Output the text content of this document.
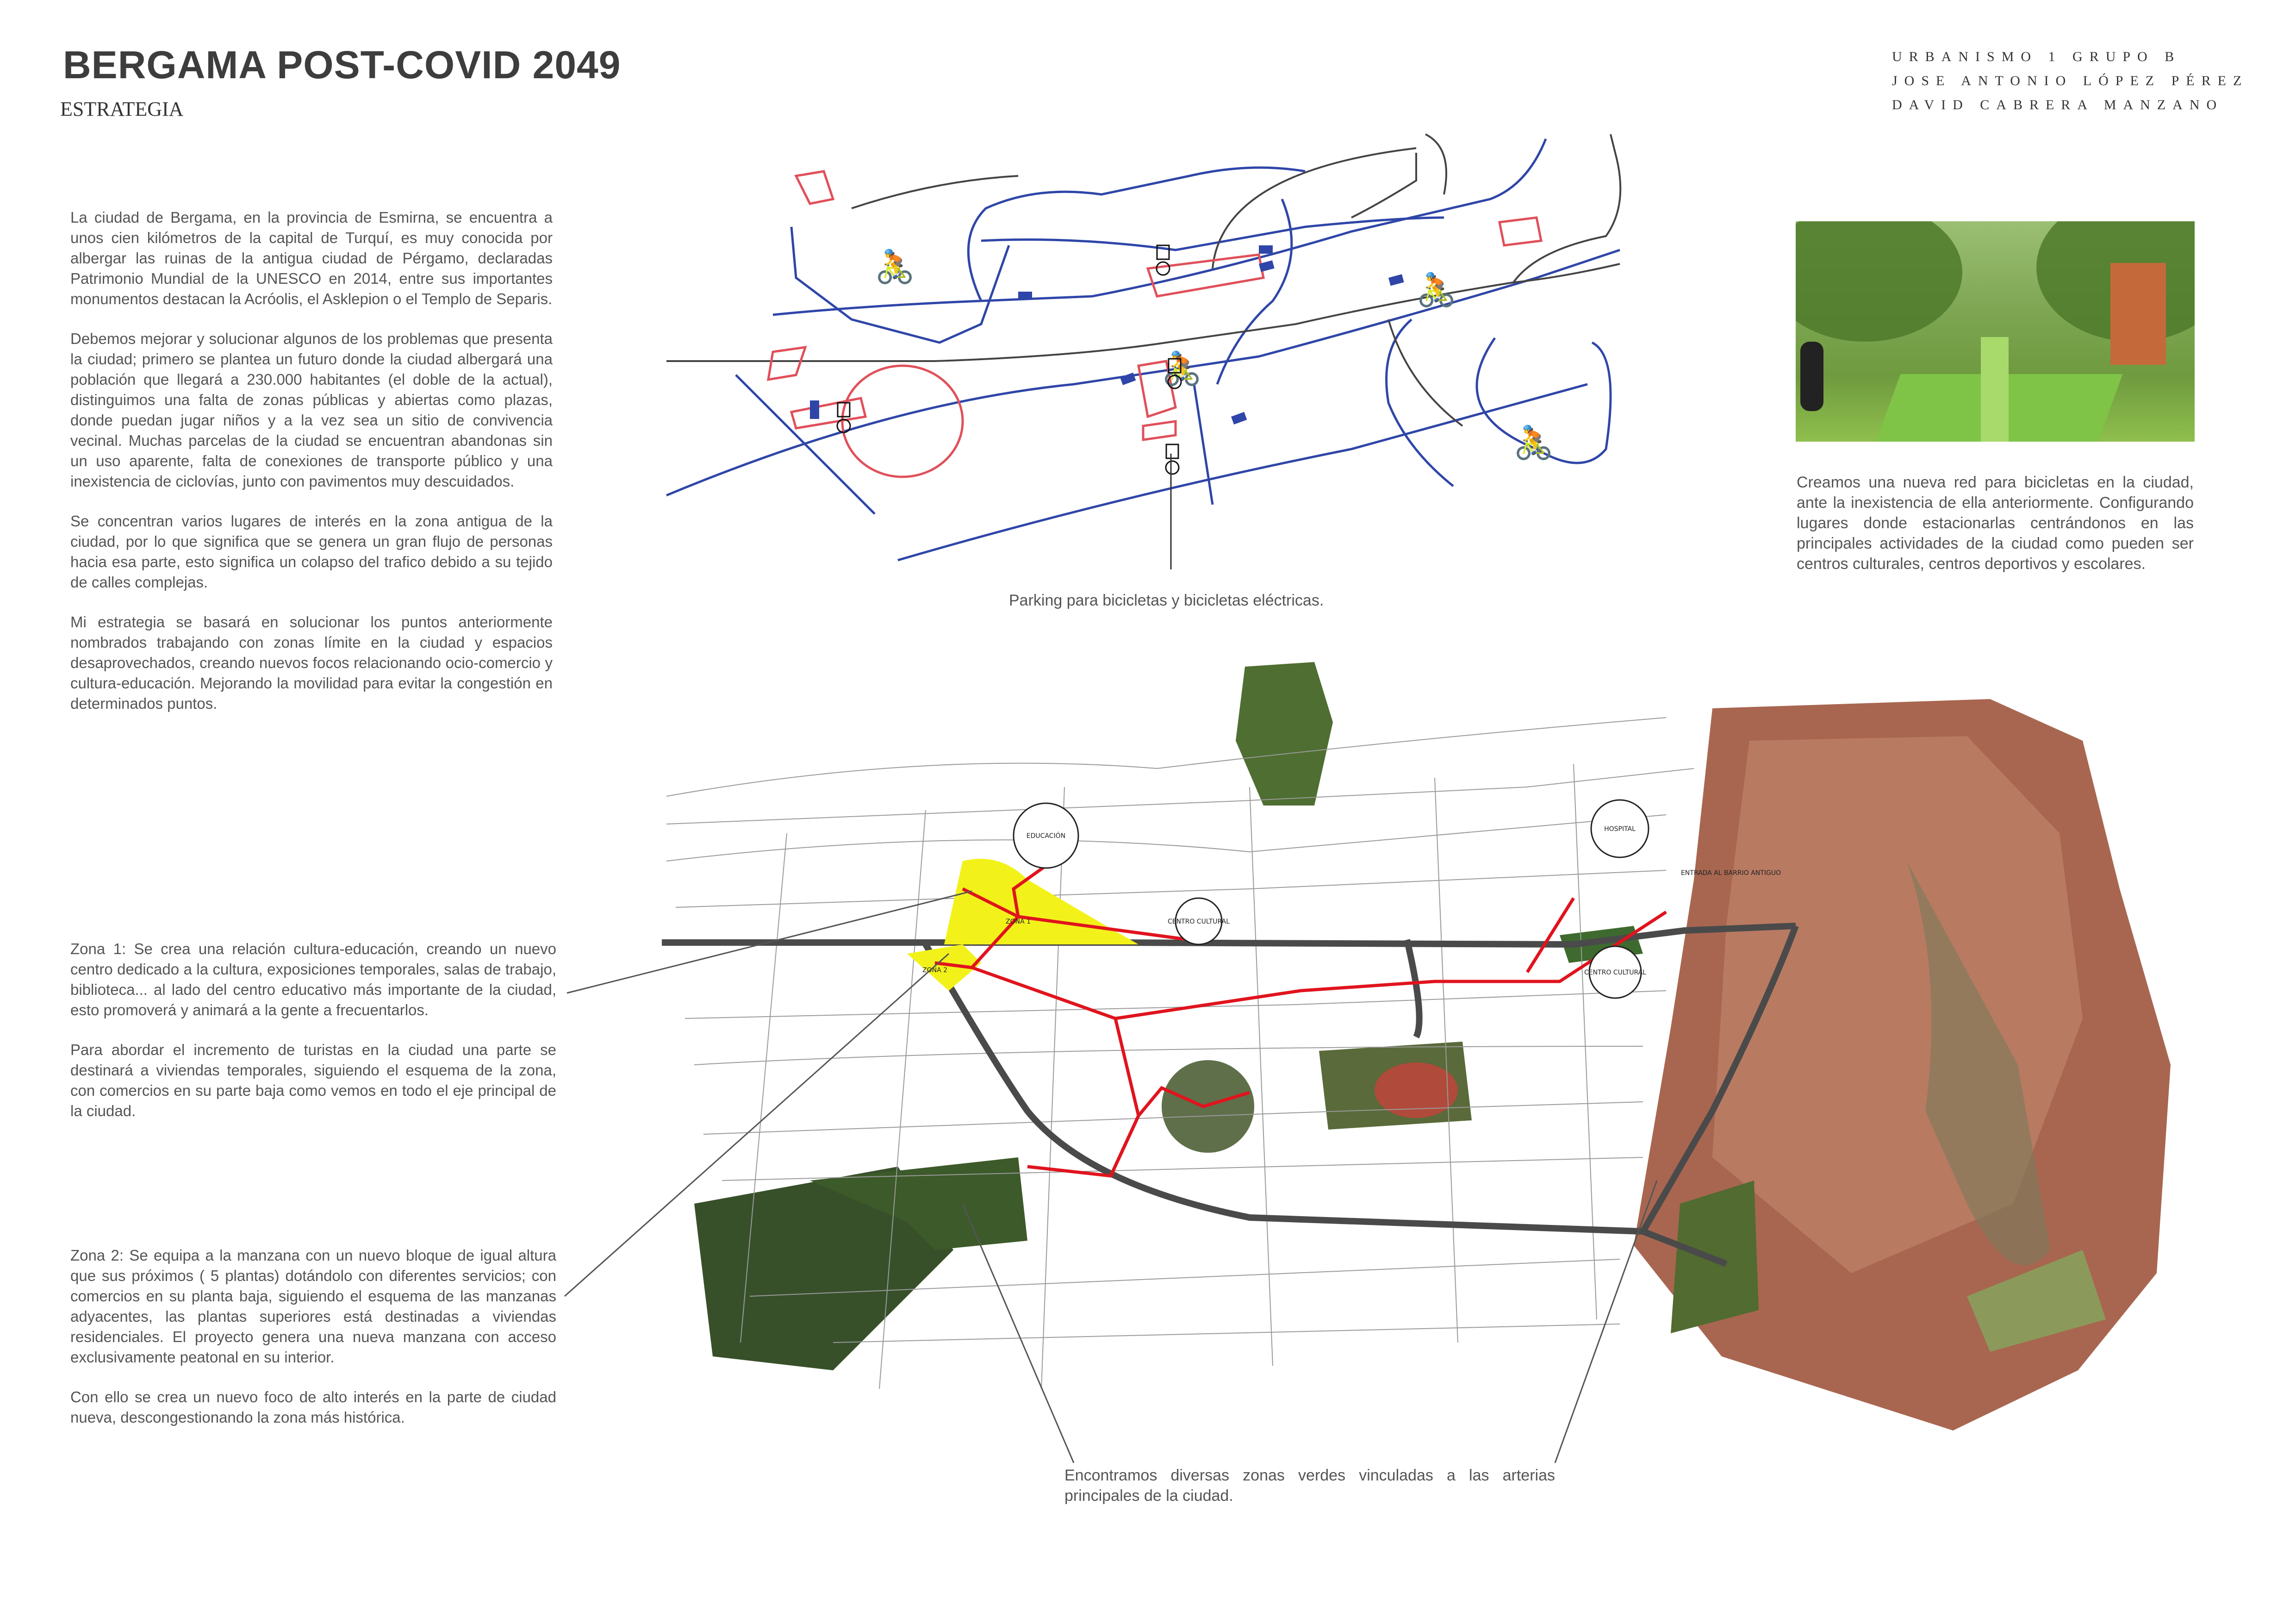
BERGAMA POST-COVID 2049
ESTRATEGIA
URBANISMO 1 GRUPO B
JOSE ANTONIO LÓPEZ PÉREZ
DAVID CABRERA MANZANO

La ciudad de Bergama, en la provincia de Esmirna, se encuentra a unos cien kilómetros de la capital de Turquí, es muy conocida por albergar las ruinas de la antigua ciudad de Pérgamo, declaradas Patrimonio Mundial de la UNESCO en 2014, entre sus importantes monumentos destacan la Acróolis, el Asklepion o el Templo de Separis.

Debemos mejorar y solucionar algunos de los problemas que presenta la ciudad; primero se plantea un futuro donde la ciudad albergará una población que llegará a 230.000 habitantes (el doble de la actual), distinguimos una falta de zonas públicas y abiertas como plazas, donde puedan jugar niños y a la vez sea un sitio de convivencia vecinal. Muchas parcelas de la ciudad se encuentran abandonas sin un uso aparente, falta de conexiones de transporte público y una inexistencia de ciclovías, junto con pavimentos muy descuidados.

Se concentran varios lugares de interés en la zona antigua de la ciudad, por lo que significa que se genera un gran flujo de personas hacia esa parte, esto significa un colapso del trafico debido a su tejido de calles complejas.

Mi estrategia se basará en solucionar los puntos anteriormente nombrados trabajando con zonas límite en la ciudad y espacios desaprovechados, creando nuevos focos relacionando ocio-comercio y cultura-educación. Mejorando la movilidad para evitar la congestión en determinados puntos.

Zona 1: Se crea una relación cultura-educación, creando un nuevo centro dedicado a la cultura, exposiciones temporales, salas de trabajo, biblioteca... al lado del centro educativo más importante de la ciudad, esto promoverá y animará a la gente a frecuentarlos.

Para abordar el incremento de turistas en la ciudad una parte se destinará a viviendas temporales, siguiendo el esquema de la zona, con comercios en su parte baja como vemos en todo el eje principal de la ciudad.

Zona 2: Se equipa a la manzana con un nuevo bloque de igual altura que sus próximos ( 5 plantas) dotándolo con diferentes servicios; con comercios en su planta baja, siguiendo el esquema de las manzanas adyacentes, las plantas superiores está destinadas a viviendas residenciales. El proyecto genera una nueva manzana con acceso exclusivamente peatonal en su interior.

Con ello se crea un nuevo foco de alto interés en la parte de ciudad nueva, descongestionando la zona más histórica.

🚴
🚴
🚴
🚴
Parking para bicicletas y bicicletas eléctricas.
Creamos una nueva red para bicicletas en la ciudad, ante la inexistencia de ella anteriormente. Configurando lugares donde estacionarlas centrándonos en las principales actividades de la ciudad como pueden ser centros culturales, centros deportivos y escolares.
EDUCACIÓN
CENTRO CULTURAL
HOSPITAL
CENTRO CULTURAL
ZONA 1
ZONA 2
ENTRADA AL BARRIO ANTIGUO
Encontramos diversas zonas verdes vinculadas a las arterias principales de la ciudad.
